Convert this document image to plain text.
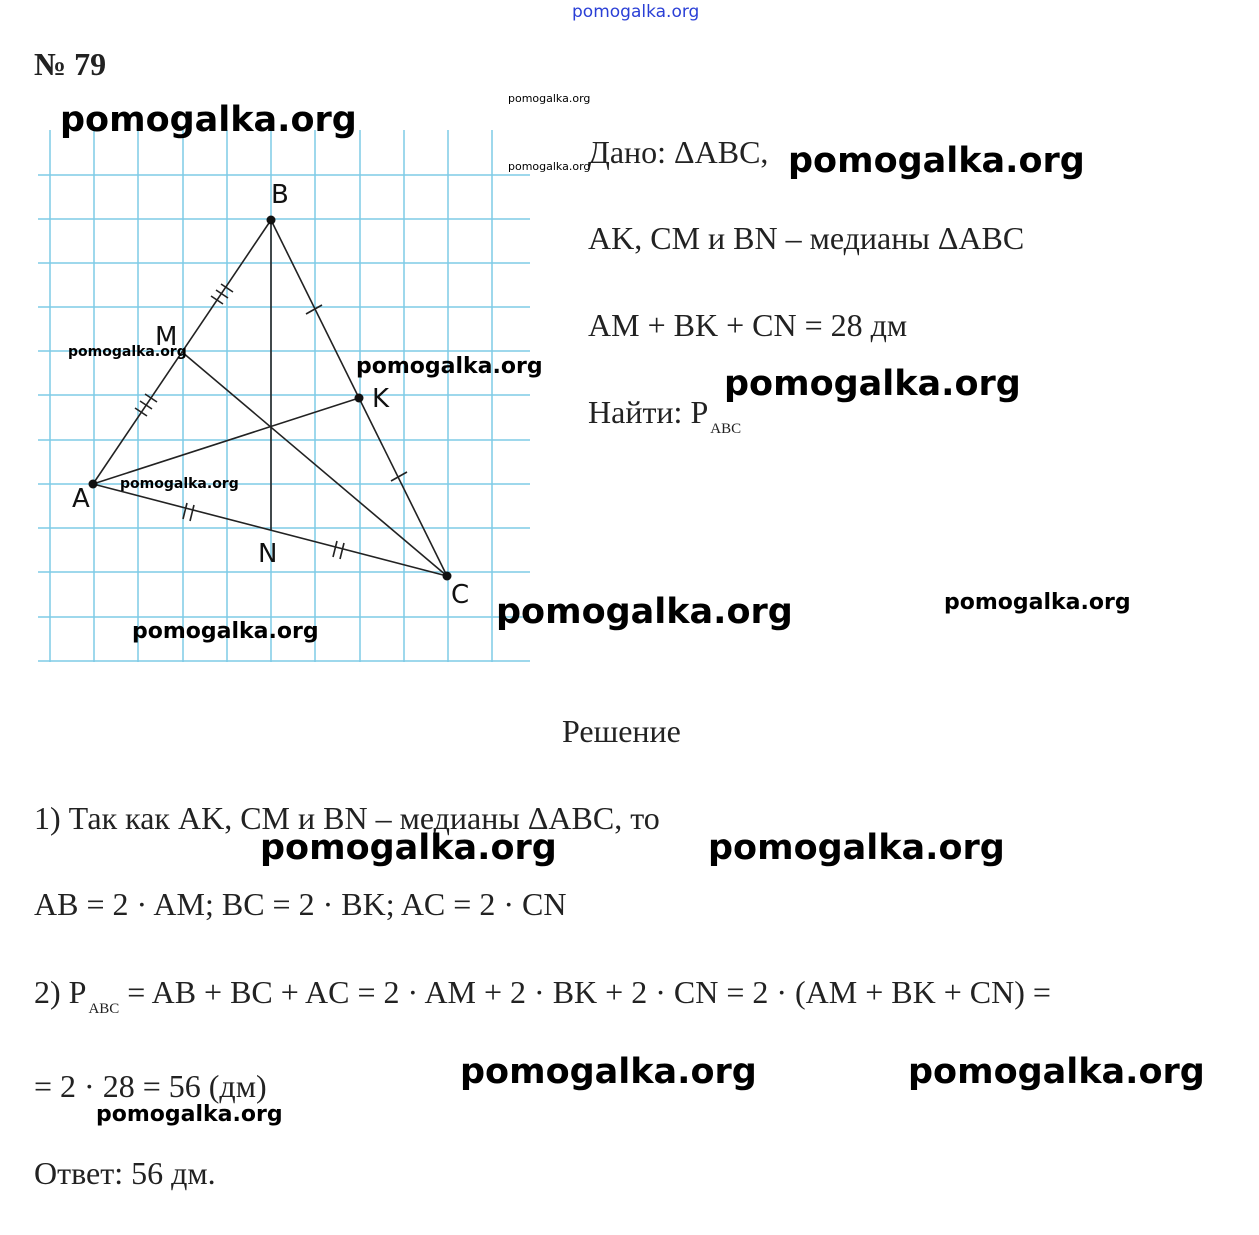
pomogalka.org
№ 79
A
B
C
M
K
N
Дано: ΔABC,
AK, CM и BN – медианы ΔABC
AM + BK + CN = 28 дм
Найти: P $_{ABC}$
Решение
1) Так как AK, CM и BN – медианы ΔABC, то
AB = 2 · AM; BC = 2 · BK; AC = 2 · CN
2) P $_{ABC}$ = AB + BC + AC = 2 · AM + 2 · BK + 2 · CN = 2 · (AM + BK + CN) =
= 2 · 28 = 56 (дм)
Ответ: 56 дм.
pomogalka.org
pomogalka.org
pomogalka.org	pomogalka.org
pomogalka.org
pomogalka.org	pomogalka.org
pomogalka.org
pomogalka.org	pomogalka.org
pomogalka.org
pomogalka.org	pomogalka.org
pomogalka.org	pomogalka.org
pomogalka.org
